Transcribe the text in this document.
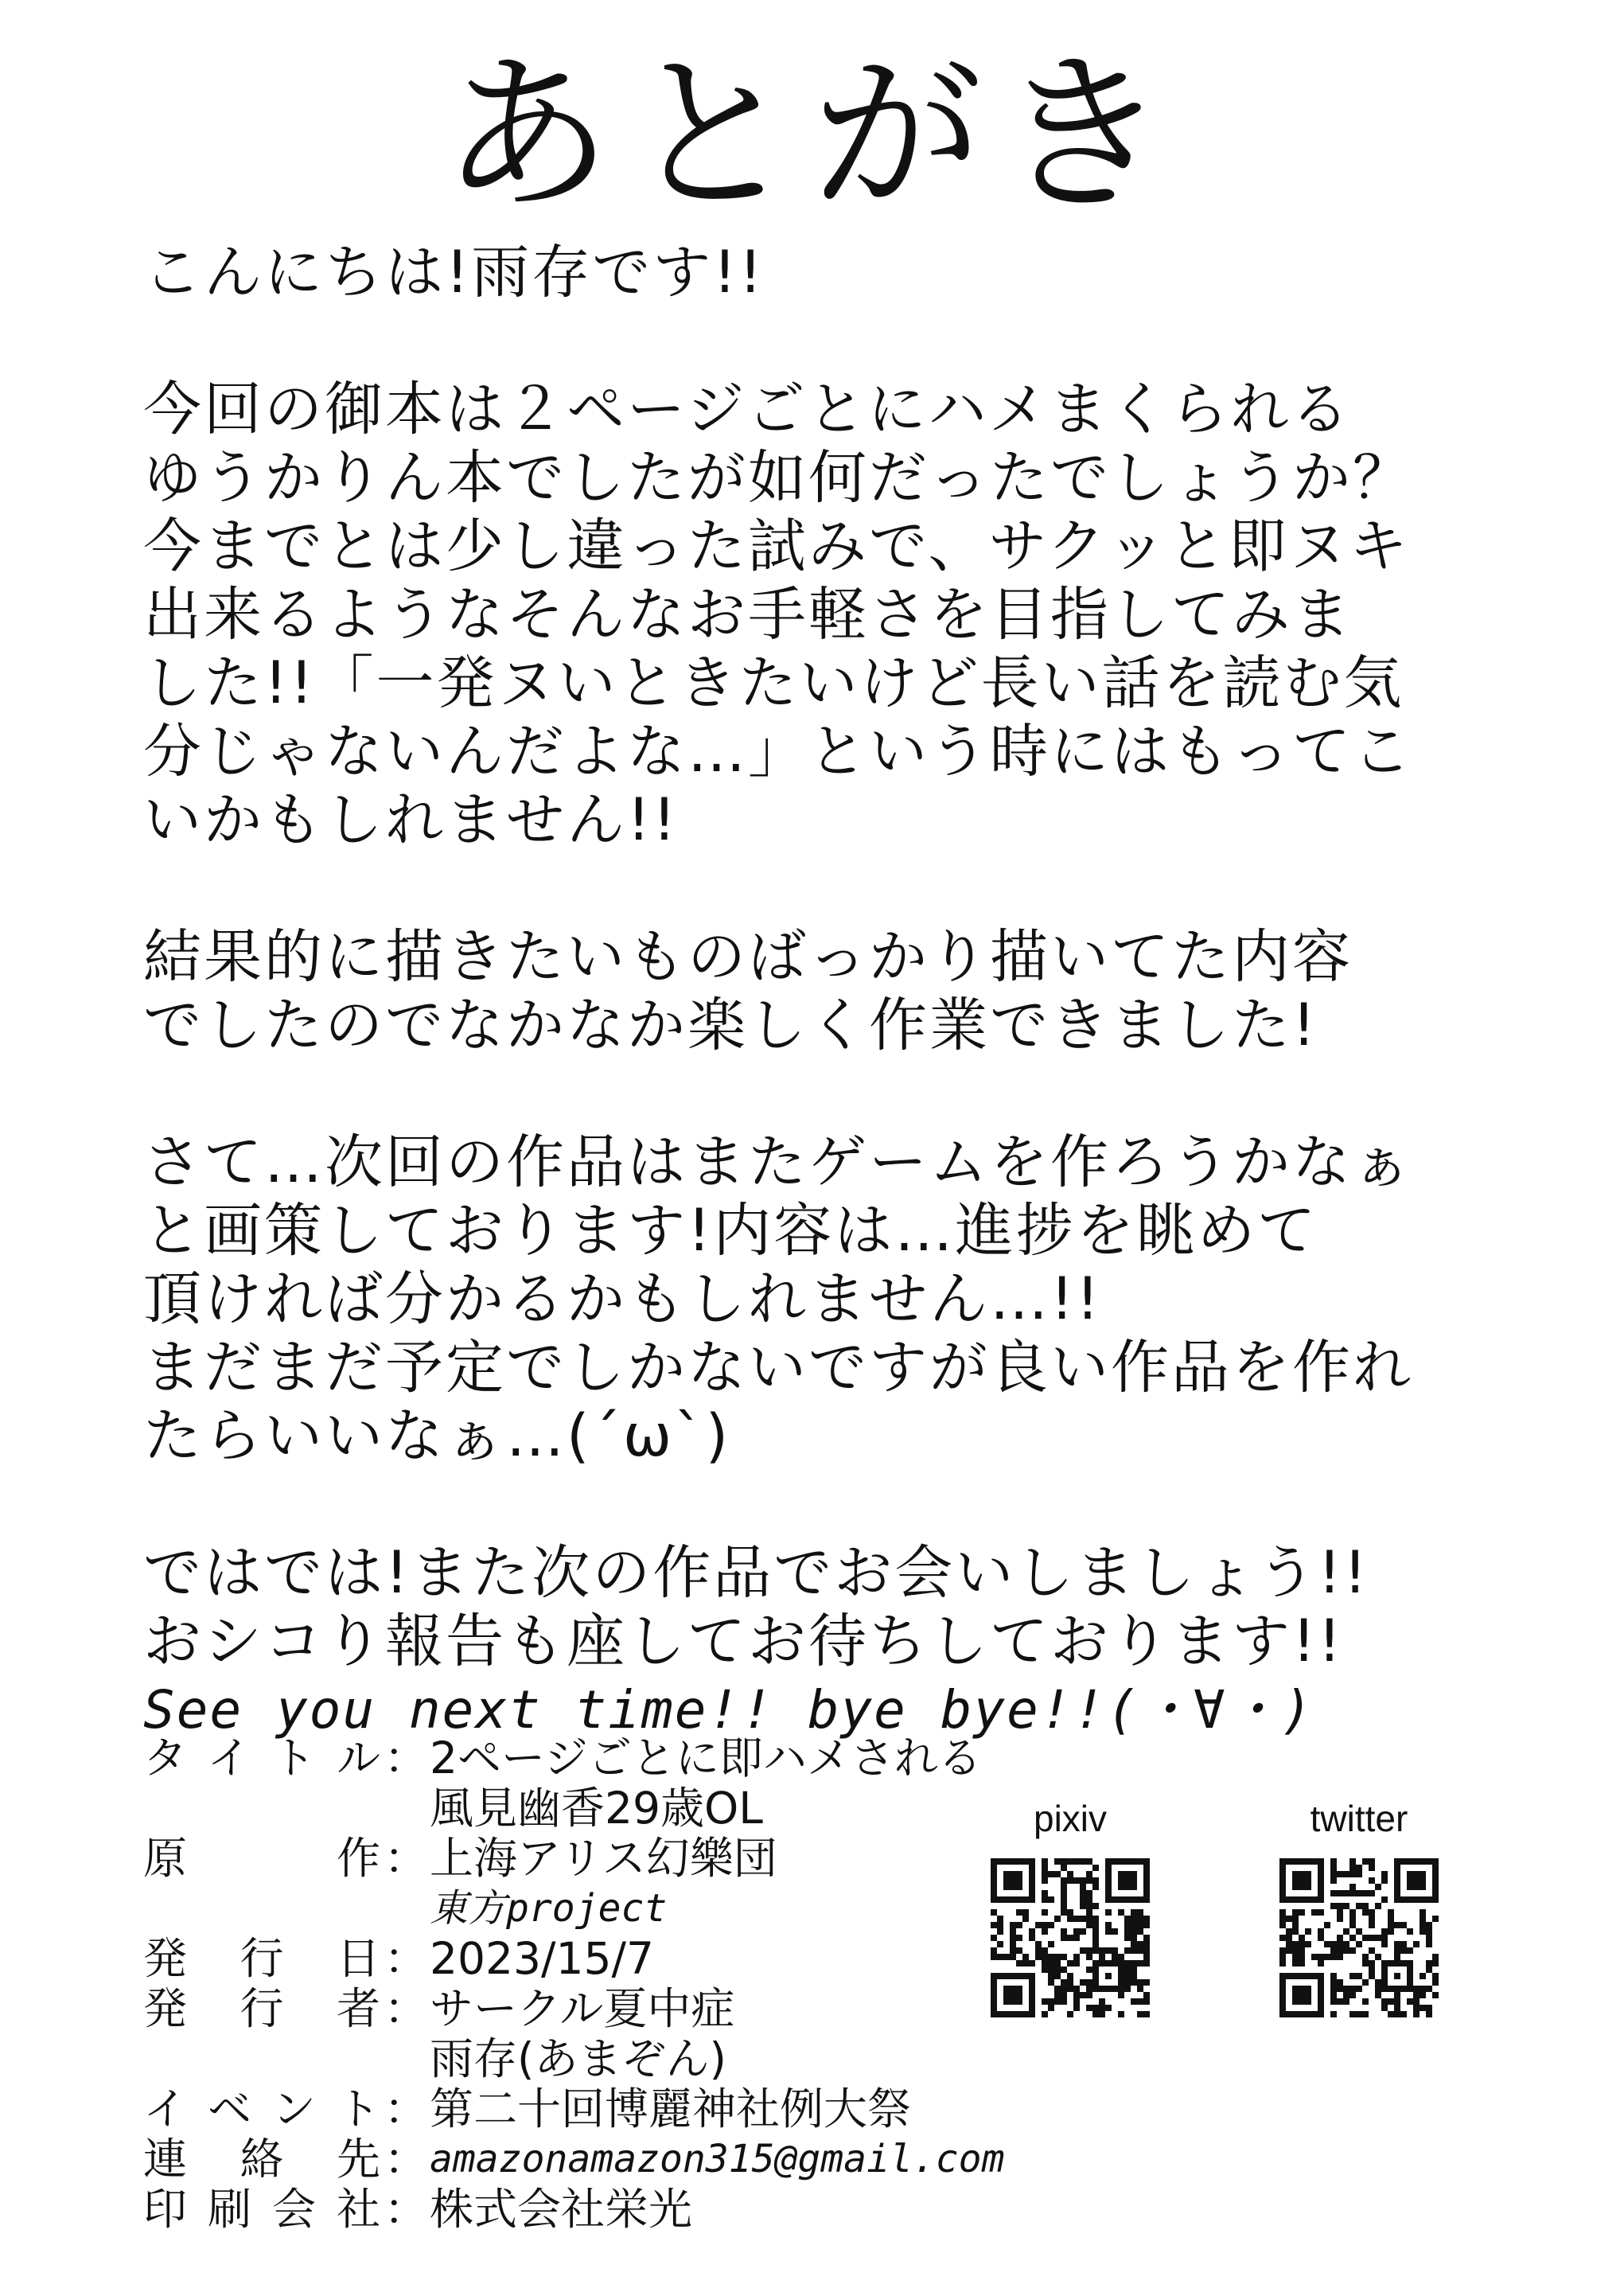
あとがき
こんにちは!雨存です!!
今回の御本は２ページごとにハメまくられる
ゆうかりん本でしたが如何だったでしょうか？
今までとは少し違った試みで、サクッと即ヌキ
出来るようなそんなお手軽さを目指してみま
した!!「一発ヌいときたいけど長い話を読む気
分じゃないんだよな…」という時にはもってこ
いかもしれません!!
結果的に描きたいものばっかり描いてた内容
でしたのでなかなか楽しく作業できました!
さて…次回の作品はまたゲームを作ろうかなぁ
と画策しております!内容は…進捗を眺めて
頂ければ分かるかもしれません…!!
まだまだ予定でしかないですが良い作品を作れ
たらいいなぁ…(´ω`)
ではでは!また次の作品でお会いしましょう!!
おシコり報告も座してお待ちしております!!
See you next time!! bye bye!!(・∀・)
タイトル ： 2ページごとに即ハメされる
風見幽香29歳OL
原　　作 ： 上海アリス幻樂団
東方project
発行日 ： 2023/15/7
発行者 ： サークル夏中症
雨存(あまぞん)
イベント ： 第二十回博麗神社例大祭
連絡先 ： amazonamazon315@gmail.com
印刷会社 ： 株式会社栄光
pixiv	twitter
